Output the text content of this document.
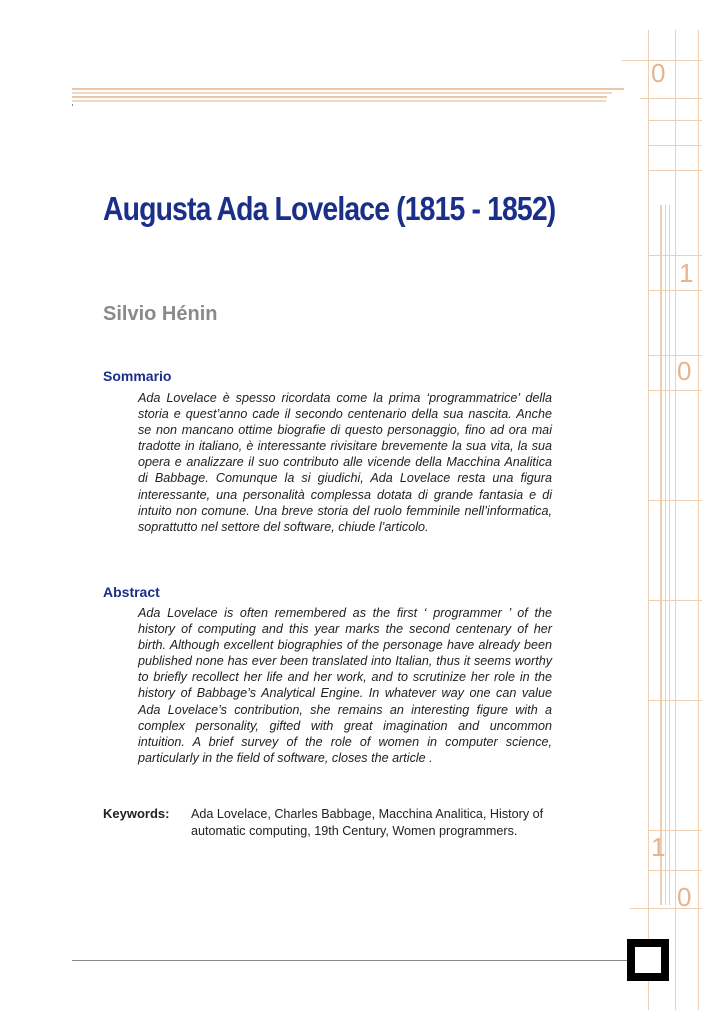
0
1
0
1
0
Augusta Ada Lovelace (1815 - 1852)
Silvio Hénin
Sommario
Ada Lovelace è spesso ricordata come la prima ‘programmatrice’ della storia e quest’anno cade il secondo centenario della sua nascita. Anche se non mancano ottime biografie di questo personaggio, fino ad ora mai tradotte in italiano, è interessante rivisitare brevemente la sua vita, la sua opera e analizzare il suo contributo alle vicende della Macchina Analitica di Babbage. Comunque la si giudichi, Ada Lovelace resta una figura interessante, una personalità complessa dotata di grande fantasia e di intuito non comune. Una breve storia del ruolo femminile nell’informatica, soprattutto nel settore del software, chiude l’articolo.
Abstract
Ada Lovelace is often remembered as the first ‘ programmer ’ of the history of computing and this year marks the second centenary of her birth. Although excellent biographies of the personage have already been published none has ever been translated into Italian, thus it seems worthy to briefly recollect her life and her work, and to scrutinize her role in the history of Babbage’s Analytical Engine. In whatever way one can value Ada Lovelace’s contribution, she remains an interesting figure with a complex personality, gifted with great imagination and uncommon intuition. A brief survey of the role of women in computer science, particularly in the field of software, closes the article .
Keywords: Ada Lovelace, Charles Babbage, Macchina Analitica, History of automatic computing, 19th Century, Women programmers.
